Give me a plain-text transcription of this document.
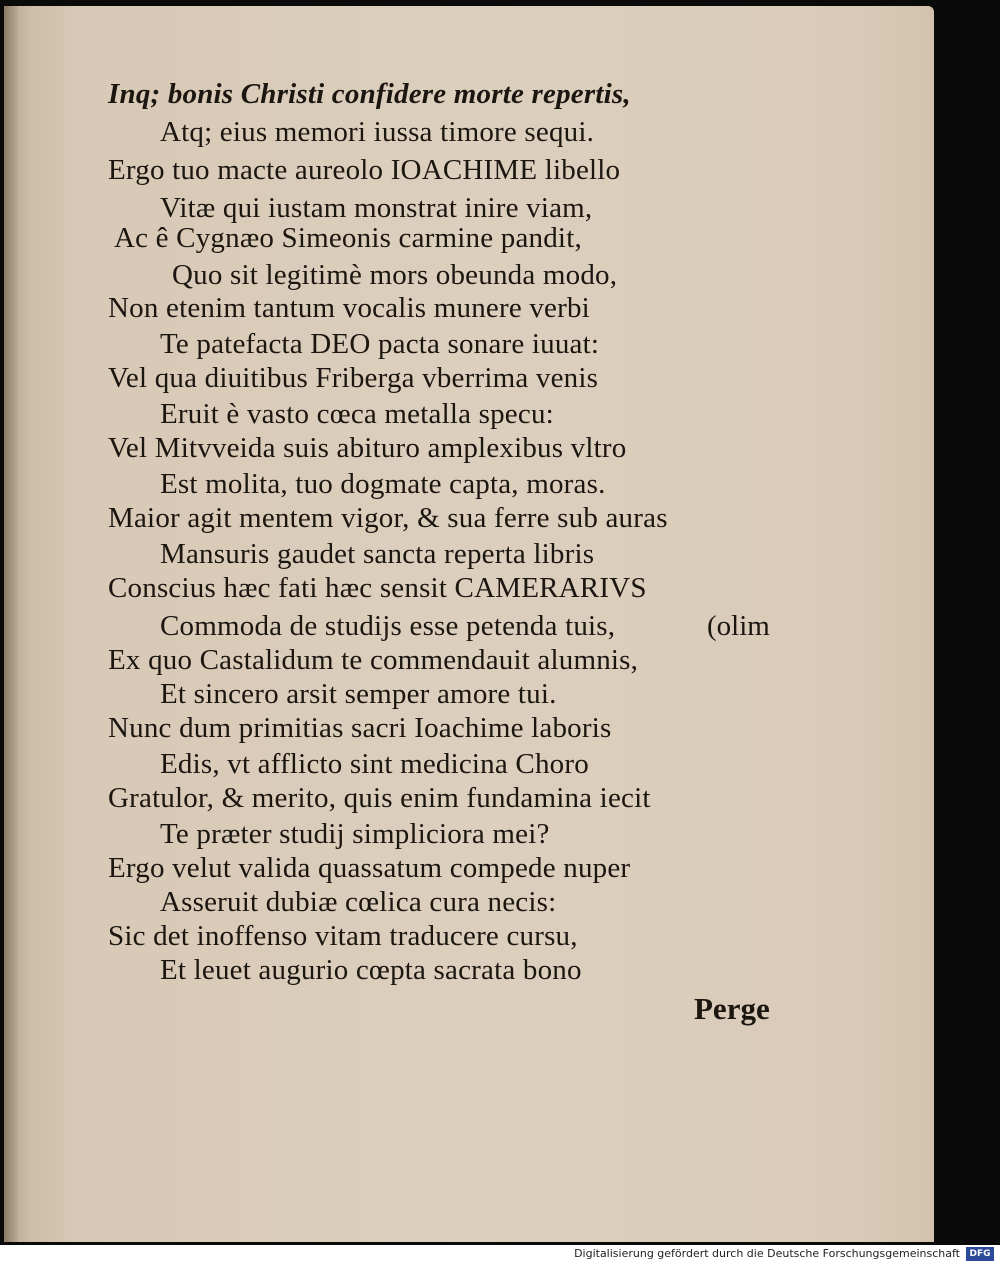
Inq; bonis Christi confidere morte repertis,
Atq; eius memori iussa timore sequi.
Ergo tuo macte aureolo IOACHIME libello
Vitæ qui iustam monstrat inire viam,
Ac ê Cygnæo Simeonis carmine pandit,
Quo sit legitimè mors obeunda modo,
Non etenim tantum vocalis munere verbi
Te patefacta DEO pacta sonare iuuat:
Vel qua diuitibus Friberga vberrima venis
Eruit è vasto cœca metalla specu:
Vel Mitvveida suis abituro amplexibus vltro
Est molita, tuo dogmate capta, moras.
Maior agit mentem vigor, & sua ferre sub auras
Mansuris gaudet sancta reperta libris
Conscius hæc fati hæc sensit CAMERARIVS
Commoda de studijs esse petenda tuis,
Ex quo Castalidum te commendauit alumnis,
Et sincero arsit semper amore tui.
Nunc dum primitias sacri Ioachime laboris
Edis, vt afflicto sint medicina Choro
Gratulor, & merito, quis enim fundamina iecit
Te præter studij simpliciora mei?
Ergo velut valida quassatum compede nuper
Asseruit dubiæ cœlica cura necis:
Sic det inoffenso vitam traducere cursu,
Et leuet augurio cœpta sacrata bono
(olim
Perge
Digitalisierung gefördert durch die Deutsche Forschungsgemeinschaft	DFG
